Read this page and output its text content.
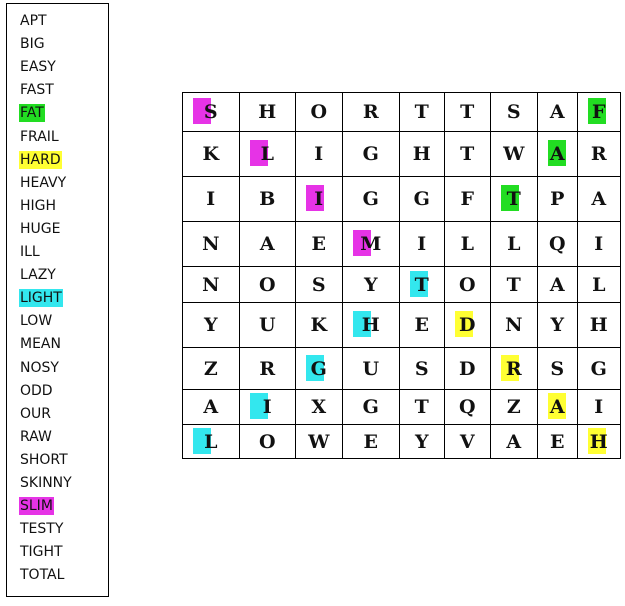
APT
BIG
EASY
FAST
FAT
FRAIL
HARD
HEAVY
HIGH
HUGE
ILL
LAZY
LIGHT
LOW
MEAN
NOSY
ODD
OUR
RAW
SHORT
SKINNY
SLIM
TESTY
TIGHT
TOTAL
S	H	O	R	T	T	S	A	F
K	L	I	G	H	T	W	A	R
I	B	I	G	G	F	T	P	A
N	A	E	M	I	L	L	Q	I
N	O	S	Y	T	O	T	A	L
Y	U	K	H	E	D	N	Y	H
Z	R	G	U	S	D	R	S	G
A	I	X	G	T	Q	Z	A	I

L	O	W	E	Y	V	A	E	H
